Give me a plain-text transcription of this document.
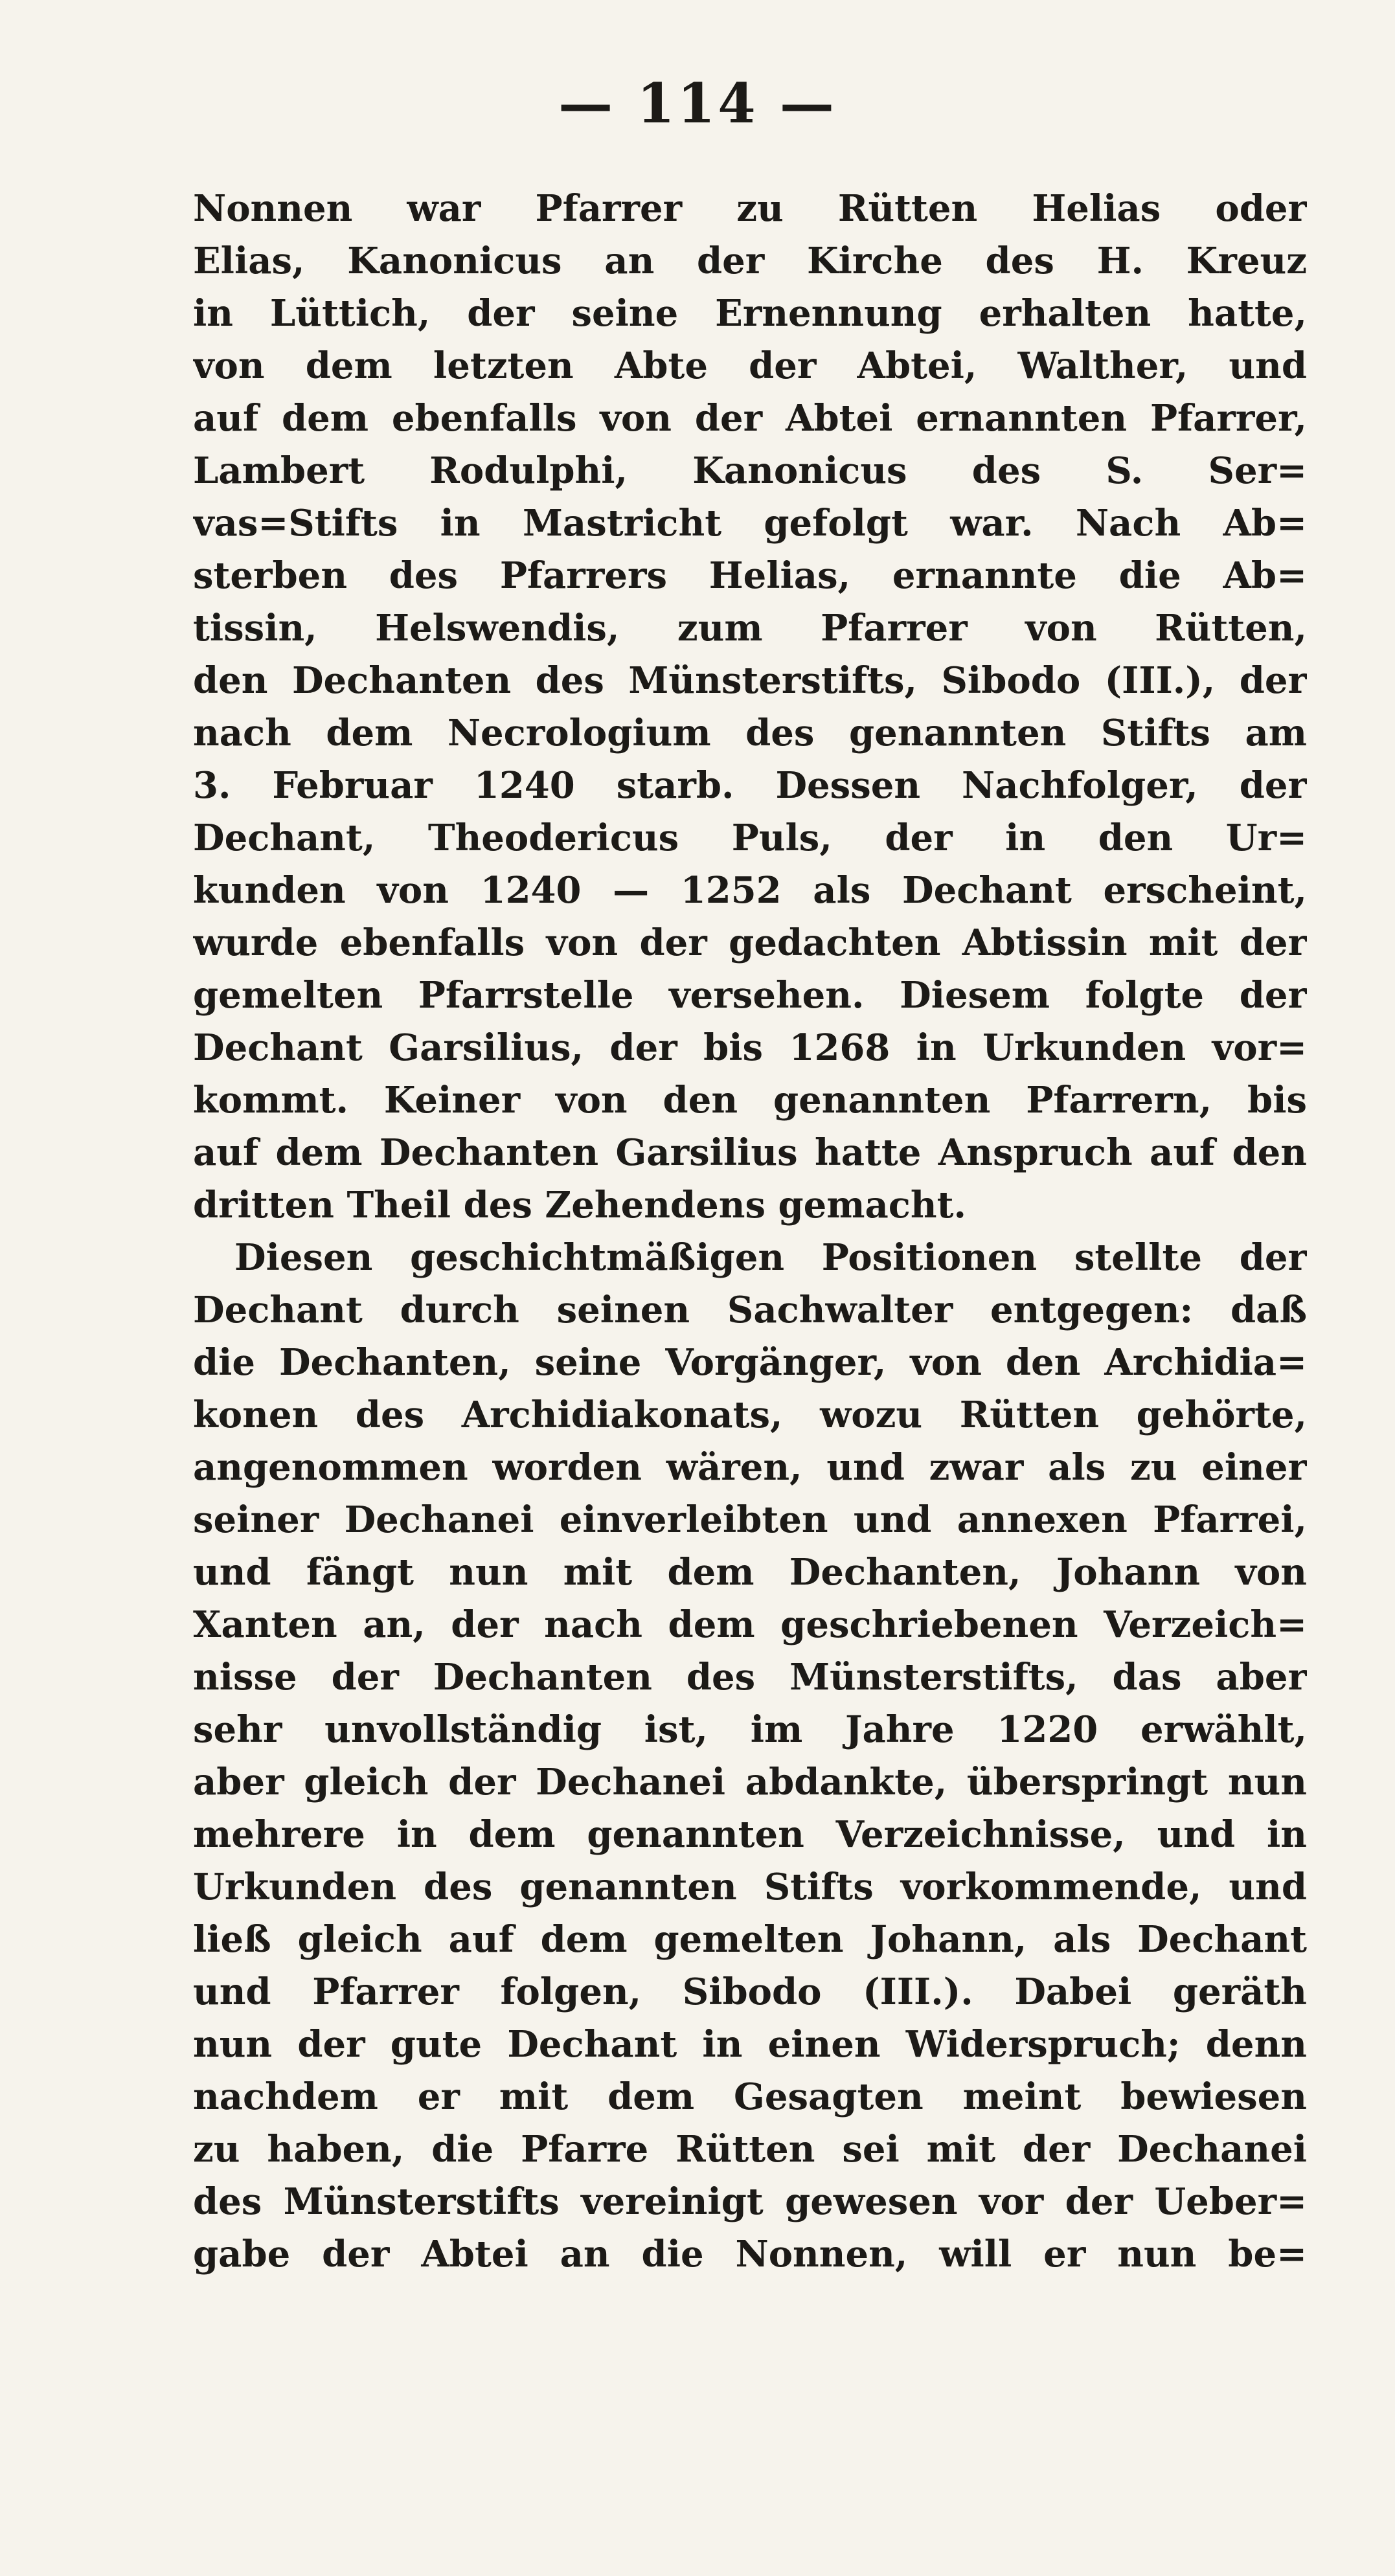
— 114 —
Nonnen war Pfarrer zu Rütten Helias oder
Elias, Kanonicus an der Kirche des H. Kreuz
in Lüttich, der seine Ernennung erhalten hatte,
von dem letzten Abte der Abtei, Walther, und
auf dem ebenfalls von der Abtei ernannten Pfarrer,
Lambert Rodulphi, Kanonicus des S. Ser=
vas=Stifts in Mastricht gefolgt war. Nach Ab=
sterben des Pfarrers Helias, ernannte die Ab=
tissin, Helswendis, zum Pfarrer von Rütten,
den Dechanten des Münsterstifts, Sibodo (III.), der
nach dem Necrologium des genannten Stifts am
3. Februar 1240 starb. Dessen Nachfolger, der
Dechant, Theodericus Puls, der in den Ur=
kunden von 1240 — 1252 als Dechant erscheint,
wurde ebenfalls von der gedachten Abtissin mit der
gemelten Pfarrstelle versehen. Diesem folgte der
Dechant Garsilius, der bis 1268 in Urkunden vor=
kommt. Keiner von den genannten Pfarrern, bis
auf dem Dechanten Garsilius hatte Anspruch auf den
dritten Theil des Zehendens gemacht.
Diesen geschichtmäßigen Positionen stellte der
Dechant durch seinen Sachwalter entgegen: daß
die Dechanten, seine Vorgänger, von den Archidia=
konen des Archidiakonats, wozu Rütten gehörte,
angenommen worden wären, und zwar als zu einer
seiner Dechanei einverleibten und annexen Pfarrei,
und fängt nun mit dem Dechanten, Johann von
Xanten an, der nach dem geschriebenen Verzeich=
nisse der Dechanten des Münsterstifts, das aber
sehr unvollständig ist, im Jahre 1220 erwählt,
aber gleich der Dechanei abdankte, überspringt nun
mehrere in dem genannten Verzeichnisse, und in
Urkunden des genannten Stifts vorkommende, und
ließ gleich auf dem gemelten Johann, als Dechant
und Pfarrer folgen, Sibodo (III.). Dabei geräth
nun der gute Dechant in einen Widerspruch; denn
nachdem er mit dem Gesagten meint bewiesen
zu haben, die Pfarre Rütten sei mit der Dechanei
des Münsterstifts vereinigt gewesen vor der Ueber=
gabe der Abtei an die Nonnen, will er nun be=
